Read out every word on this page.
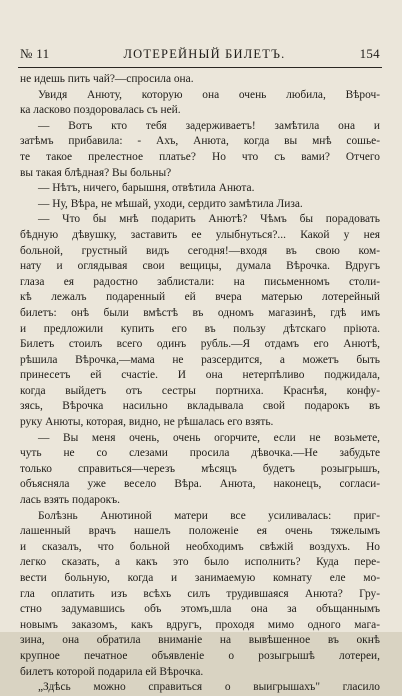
№ 11	ЛОТЕРЕЙНЫЙ БИЛЕТЪ.	154
не идешь пить чай?—спросила она.
Увидя Анюту, которую она очень любила, Вѣроч-
ка ласково поздоровалась съ ней.
— Вотъ кто тебя задерживаетъ! замѣтила она и
затѣмъ прибавила: - Ахъ, Анюта, когда вы мнѣ сошье-
те такое прелестное платье? Но что съ вами? Отчего
вы такая блѣдная? Вы больны?
— Нѣтъ, ничего, барышня, отвѣтила Анюта.
— Ну, Вѣра, не мѣшай, уходи, сердито замѣтила Лиза.
— Что бы мнѣ подарить Анютѣ? Чѣмъ бы порадовать
бѣдную дѣвушку, заставить ее улыбнуться?... Какой у нея
больной, грустный видъ сегодня!—входя въ свою ком-
нату и оглядывая свои вещицы, думала Вѣрочка. Вдругъ
глаза ея радостно заблистали: на письменномъ столи-
кѣ лежалъ подаренный ей вчера матерью лотерейный
билетъ: онѣ были вмѣстѣ въ одномъ магазинѣ, гдѣ имъ
и предложили купить его въ пользу дѣтскаго пріюта.
Билетъ стоилъ всего одинъ рубль.—Я отдамъ его Анютѣ,
рѣшила Вѣрочка,—мама не разсердится, а можетъ быть
принесетъ ей счастіе. И она нетерпѣливо поджидала,
когда выйдетъ отъ сестры портниха. Краснѣя, конфу-
зясь, Вѣрочка насильно вкладывала свой подарокъ въ
руку Анюты, которая, видно, не рѣшалась его взять.
— Вы меня очень, очень огорчите, если не возьмете,
чуть не со слезами просила дѣвочка.—Не забудьте
только справиться—черезъ мѣсяцъ будетъ розыгрышъ,
объясняла уже весело Вѣра. Анюта, наконецъ, согласи-
лась взять подарокъ.
Болѣзнь Анютиной матери все усиливалась: приг-
лашенный врачъ нашелъ положеніе ея очень тяжелымъ
и сказалъ, что больной необходимъ свѣжій воздухъ. Но
легко сказать, а какъ это было исполнить? Куда пере-
вести больную, когда и занимаемую комнату еле мо-
гла оплатить изъ всѣхъ силъ трудившаяся Анюта? Гру-
стно задумавшись объ этомъ,шла она за объщаннымъ
новымъ заказомъ, какъ вдругъ, проходя мимо одного мага-
зина, она обратила вниманіе на вывѣшенное въ окнѣ
крупное печатное объявленіе о розыгрышѣ лотереи,
билетъ которой подарила ей Вѣрочка.
„Здѣсь можно справиться о выигрышахъ" гласило
